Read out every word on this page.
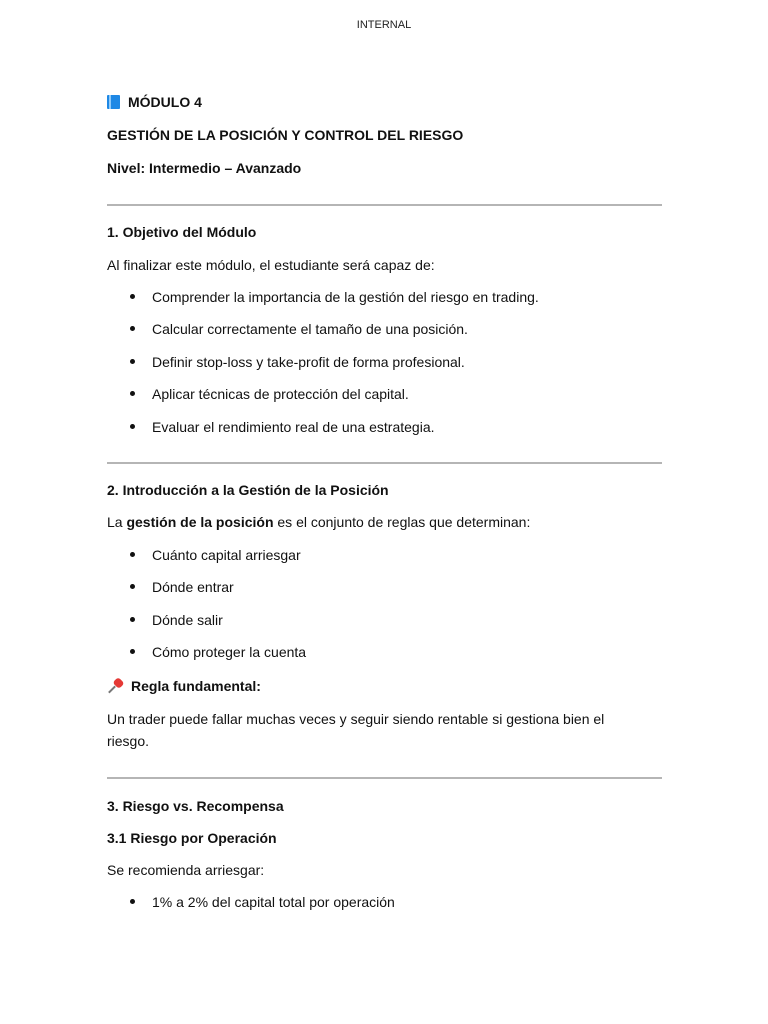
INTERNAL
MÓDULO 4
GESTIÓN DE LA POSICIÓN Y CONTROL DEL RIESGO
Nivel: Intermedio – Avanzado
1. Objetivo del Módulo
Al finalizar este módulo, el estudiante será capaz de:
Comprender la importancia de la gestión del riesgo en trading.
Calcular correctamente el tamaño de una posición.
Definir stop-loss y take-profit de forma profesional.
Aplicar técnicas de protección del capital.
Evaluar el rendimiento real de una estrategia.
2. Introducción a la Gestión de la Posición
La gestión de la posición es el conjunto de reglas que determinan:
Cuánto capital arriesgar
Dónde entrar
Dónde salir
Cómo proteger la cuenta
Regla fundamental:
Un trader puede fallar muchas veces y seguir siendo rentable si gestiona bien el riesgo.
3. Riesgo vs. Recompensa
3.1 Riesgo por Operación
Se recomienda arriesgar:
1% a 2% del capital total por operación
